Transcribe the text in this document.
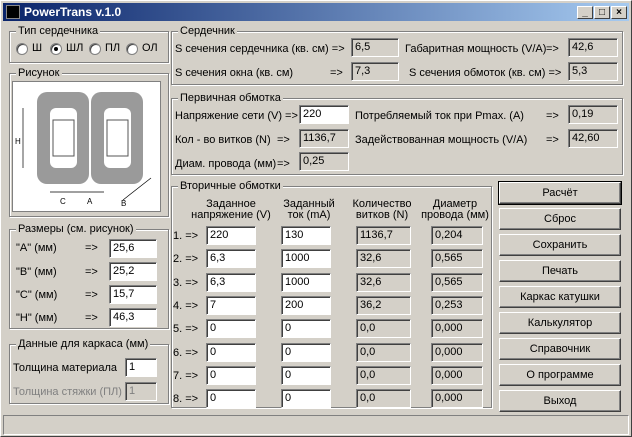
PowerTrans v.1.0	_	□	×
Тип сердечника
Ш ШЛ ПЛ ОЛ
Рисунок
H
C	A	B
Размеры (см. рисунок)
"А" (мм)	=>	25,6
"В" (мм)	=>	25,2
"С" (мм)	=>	15,7
"Н" (мм)	=>	46,3
Данные для каркаса (мм)
Толщина материала	1
Толщина стяжки (ПЛ) 1
Сердечник
S сечения сердечника (кв. см) => 6,5	Габаритная мощность (V/A) =>	42,6
S сечения окна (кв. см)	=>	7,3	S сечения обмоток (кв. см) => 5,3
Первичная обмотка
Напряжение сети (V) => 220	Потребляемый ток при Pmax. (A) =>	0,19
Кол - во витков (N) =>	1136,7	Задействованная мощность (V/A) =>	42,60
Диам. провода (мм) =>	0,25
Вторичные обмотки
Заданное напряжение (V)
Заданный ток (mA)
Количество витков (N)
Диаметр провода (мм)
1. =>	220	130	1136,7	0,204
2. =>	6,3	1000	32,6	0,565
3. =>	6,3	1000	32,6	0,565
4. =>	7	200	36,2	0,253
5. =>	0	0	0,0	0,000
6. =>	0	0	0,0	0,000
7. =>	0	0	0,0	0,000
8. =>	0	0	0,0	0,000
Расчёт
Сброс
Сохранить
Печать
Каркас катушки
Калькулятор
Справочник
О программе
Выход
